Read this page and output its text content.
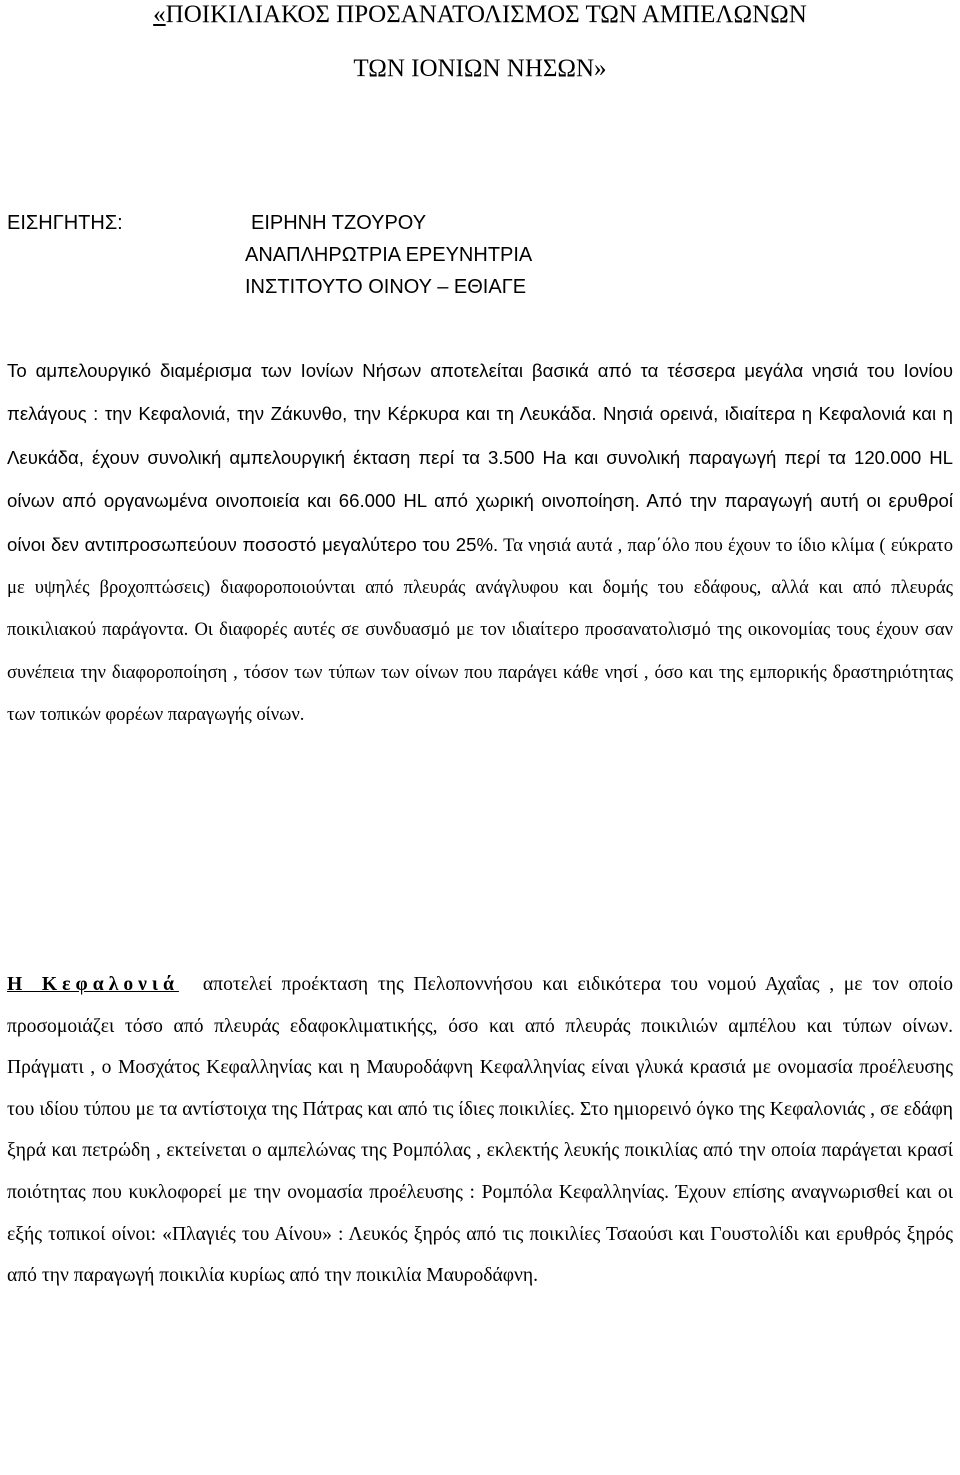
«ΠΟΙΚΙΛΙΑΚΟΣ ΠΡΟΣΑΝΑΤΟΛΙΣΜΟΣ ΤΩΝ ΑΜΠΕΛΩΝΩΝ
ΤΩΝ ΙΟΝΙΩΝ ΝΗΣΩΝ»
ΕΙΣΗΓΗΤΗΣ:	ΕΙΡΗΝΗ ΤΖΟΥΡΟΥ
ΑΝΑΠΛΗΡΩΤΡΙΑ ΕΡΕΥΝΗΤΡΙΑ
ΙΝΣΤΙΤΟΥΤΟ ΟΙΝΟΥ – ΕΘΙΑΓΕ
Το αμπελουργικό διαμέρισμα των Ιονίων Νήσων αποτελείται βασικά από τα τέσσερα μεγάλα νησιά του Ιονίου πελάγους : την Κεφαλονιά, την Ζάκυνθο, την Κέρκυρα και τη Λευκάδα. Νησιά ορεινά, ιδιαίτερα η Κεφαλονιά και η Λευκάδα, έχουν συνολική αμπελουργική έκταση περί τα 3.500 Ha και συνολική παραγωγή περί τα 120.000 HL οίνων από οργανωμένα οινοποιεία και 66.000 HL από χωρική οινοποίηση. Από την παραγωγή αυτή οι ερυθροί οίνοι δεν αντιπροσωπεύουν ποσοστό μεγαλύτερο του 25%. Τα νησιά αυτά , παρ΄όλο που έχουν το ίδιο κλίμα ( εύκρατο με υψηλές βροχοπτώσεις) διαφοροποιούνται από πλευράς ανάγλυφου και δομής του εδάφους, αλλά και από πλευράς ποικιλιακού παράγοντα. Οι διαφορές αυτές σε συνδυασμό με τον ιδιαίτερο προσανατολισμό της οικονομίας τους έχουν σαν συνέπεια την διαφοροποίηση , τόσον των τύπων των οίνων που παράγει κάθε νησί , όσο και της εμπορικής δραστηριότητας των τοπικών φορέων παραγωγής οίνων.
Η Κεφαλονιά αποτελεί προέκταση της Πελοποννήσου και ειδικότερα του νομού Αχαΐας , με τον οποίο προσομοιάζει τόσο από πλευράς εδαφοκλιματικήςς, όσο και από πλευράς ποικιλιών αμπέλου και τύπων οίνων. Πράγματι , ο Μοσχάτος Κεφαλληνίας και η Μαυροδάφνη Κεφαλληνίας είναι γλυκά κρασιά με ονομασία προέλευσης του ιδίου τύπου με τα αντίστοιχα της Πάτρας και από τις ίδιες ποικιλίες. Στο ημιορεινό όγκο της Κεφαλονιάς , σε εδάφη ξηρά και πετρώδη , εκτείνεται ο αμπελώνας της Ρομπόλας , εκλεκτής λευκής ποικιλίας από την οποία παράγεται κρασί ποιότητας που κυκλοφορεί με την ονομασία προέλευσης : Ρομπόλα Κεφαλληνίας. Έχουν επίσης αναγνωρισθεί και οι εξής τοπικοί οίνοι: «Πλαγιές του Αίνου» : Λευκός ξηρός από τις ποικιλίες Τσαούσι και Γουστολίδι και ερυθρός ξηρός από την παραγωγή ποικιλία κυρίως από την ποικιλία Μαυροδάφνη.
